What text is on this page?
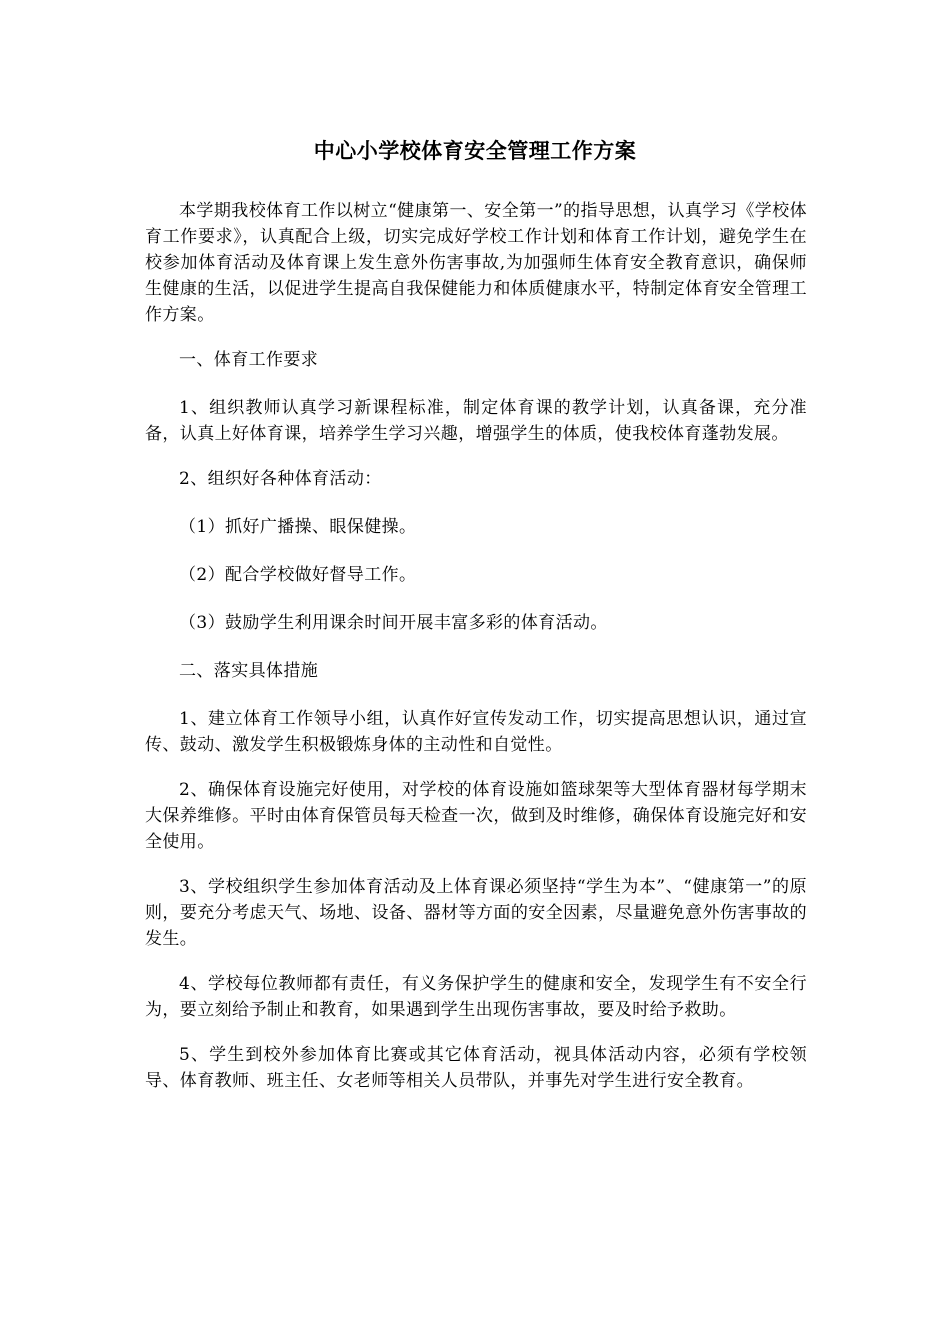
中心小学校体育安全管理工作方案

本学期我校体育工作以树立“健康第一、安全第一”的指导思想，认真学习《学校体育工作要求》，认真配合上级，切实完成好学校工作计划和体育工作计划，避免学生在校参加体育活动及体育课上发生意外伤害事故,为加强师生体育安全教育意识，确保师生健康的生活，以促进学生提高自我保健能力和体质健康水平，特制定体育安全管理工作方案。

一、体育工作要求

1、组织教师认真学习新课程标准，制定体育课的教学计划，认真备课，充分准备，认真上好体育课，培养学生学习兴趣，增强学生的体质，使我校体育蓬勃发展。

2、组织好各种体育活动：

（1）抓好广播操、眼保健操。

（2）配合学校做好督导工作。

（3）鼓励学生利用课余时间开展丰富多彩的体育活动。

二、落实具体措施

1、建立体育工作领导小组，认真作好宣传发动工作，切实提高思想认识，通过宣传、鼓动、激发学生积极锻炼身体的主动性和自觉性。

2、确保体育设施完好使用，对学校的体育设施如篮球架等大型体育器材每学期末大保养维修。平时由体育保管员每天检查一次，做到及时维修，确保体育设施完好和安全使用。

3、学校组织学生参加体育活动及上体育课必须坚持“学生为本”、“健康第一”的原则，要充分考虑天气、场地、设备、器材等方面的安全因素，尽量避免意外伤害事故的发生。

4、学校每位教师都有责任，有义务保护学生的健康和安全，发现学生有不安全行为，要立刻给予制止和教育，如果遇到学生出现伤害事故，要及时给予救助。

5、学生到校外参加体育比赛或其它体育活动，视具体活动内容，必须有学校领导、体育教师、班主任、女老师等相关人员带队，并事先对学生进行安全教育。
